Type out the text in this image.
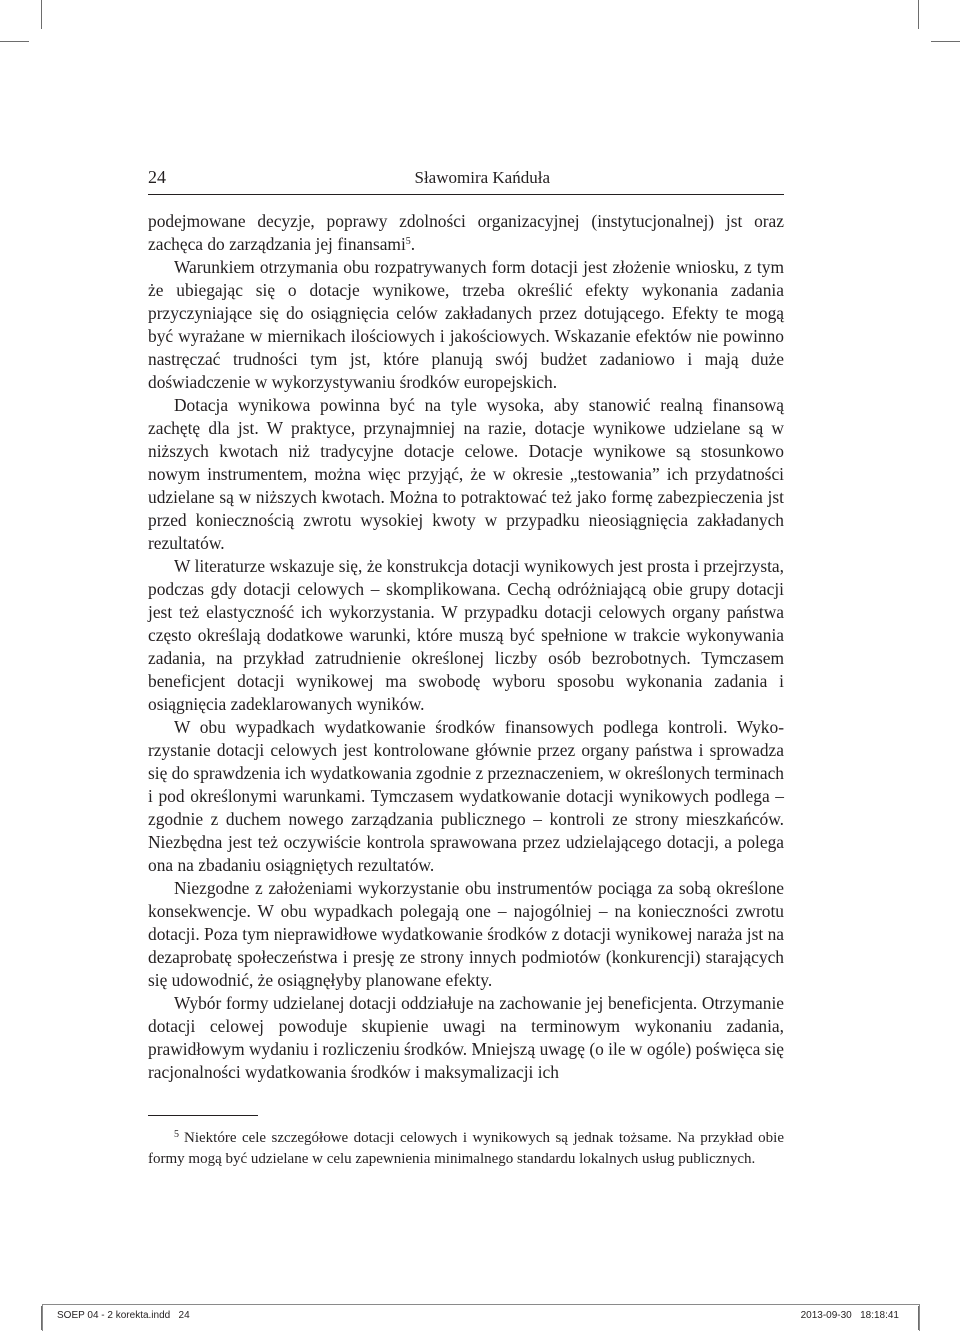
24	Sławomira Kańduła

podejmowane decyzje, poprawy zdolności organizacyjnej (instytucjonalnej) jst oraz zachęca do zarządzania jej finansami$^5$.

Warunkiem otrzymania obu rozpatrywanych form dotacji jest złożenie wniosku, z tym że ubiegając się o dotacje wynikowe, trzeba określić efekty wykonania zadania przyczyniające się do osiągnięcia celów zakładanych przez dotującego. Efekty te mogą być wyrażane w miernikach ilościowych i jakościowych. Wskazanie efektów nie powinno nastręczać trudności tym jst, które planują swój budżet zadaniowo i mają duże doświadczenie w wykorzystywaniu środków europejskich.

Dotacja wynikowa powinna być na tyle wysoka, aby stanowić realną finansową zachętę dla jst. W praktyce, przynajmniej na razie, dotacje wynikowe udzielane są w niższych kwotach niż tradycyjne dotacje celowe. Dotacje wynikowe są stosunkowo nowym instrumentem, można więc przyjąć, że w okresie „testowania” ich przydatności udzielane są w niższych kwotach. Można to potraktować też jako formę zabezpieczenia jst przed koniecznością zwrotu wysokiej kwoty w przypadku nieosiągnięcia zakładanych rezultatów.

W literaturze wskazuje się, że konstrukcja dotacji wynikowych jest prosta i przejrzysta, podczas gdy dotacji celowych – skomplikowana. Cechą odróżniającą obie grupy dotacji jest też elastyczność ich wykorzystania. W przypadku dotacji celowych organy państwa często określają dodatkowe warunki, które muszą być spełnione w trakcie wykonywania zadania, na przykład zatrudnienie określonej liczby osób bezrobotnych. Tymczasem beneficjent dotacji wynikowej ma swobodę wyboru sposobu wykonania zadania i osiągnięcia zadeklarowanych wyników.

W obu wypadkach wydatkowanie środków finansowych podlega kontroli. Wykorzystanie dotacji celowych jest kontrolowane głównie przez organy państwa i sprowadza się do sprawdzenia ich wydatkowania zgodnie z przeznaczeniem, w określonych terminach i pod określonymi warunkami. Tymczasem wydatkowanie dotacji wynikowych podlega – zgodnie z duchem nowego zarządzania publicznego – kontroli ze strony mieszkańców. Niezbędna jest też oczywiście kontrola sprawowana przez udzielającego dotacji, a polega ona na zbadaniu osiągniętych rezultatów.

Niezgodne z założeniami wykorzystanie obu instrumentów pociąga za sobą określone konsekwencje. W obu wypadkach polegają one – najogólniej – na konieczności zwrotu dotacji. Poza tym nieprawidłowe wydatkowanie środków z dotacji wynikowej naraża jst na dezaprobatę społeczeństwa i presję ze strony innych podmiotów (konkurencji) starających się udowodnić, że osiągnęłyby planowane efekty.

Wybór formy udzielanej dotacji oddziałuje na zachowanie jej beneficjenta. Otrzymanie dotacji celowej powoduje skupienie uwagi na terminowym wykonaniu zadania, prawidłowym wydaniu i rozliczeniu środków. Mniejszą uwagę (o ile w ogóle) poświęca się racjonalności wydatkowania środków i maksymalizacji ich

$^5$ Niektóre cele szczegółowe dotacji celowych i wynikowych są jednak tożsame. Na przykład obie formy mogą być udzielane w celu zapewnienia minimalnego standardu lokalnych usług publicznych.
SOEP 04 - 2 korekta.indd   24	2013-09-30   18:18:41
